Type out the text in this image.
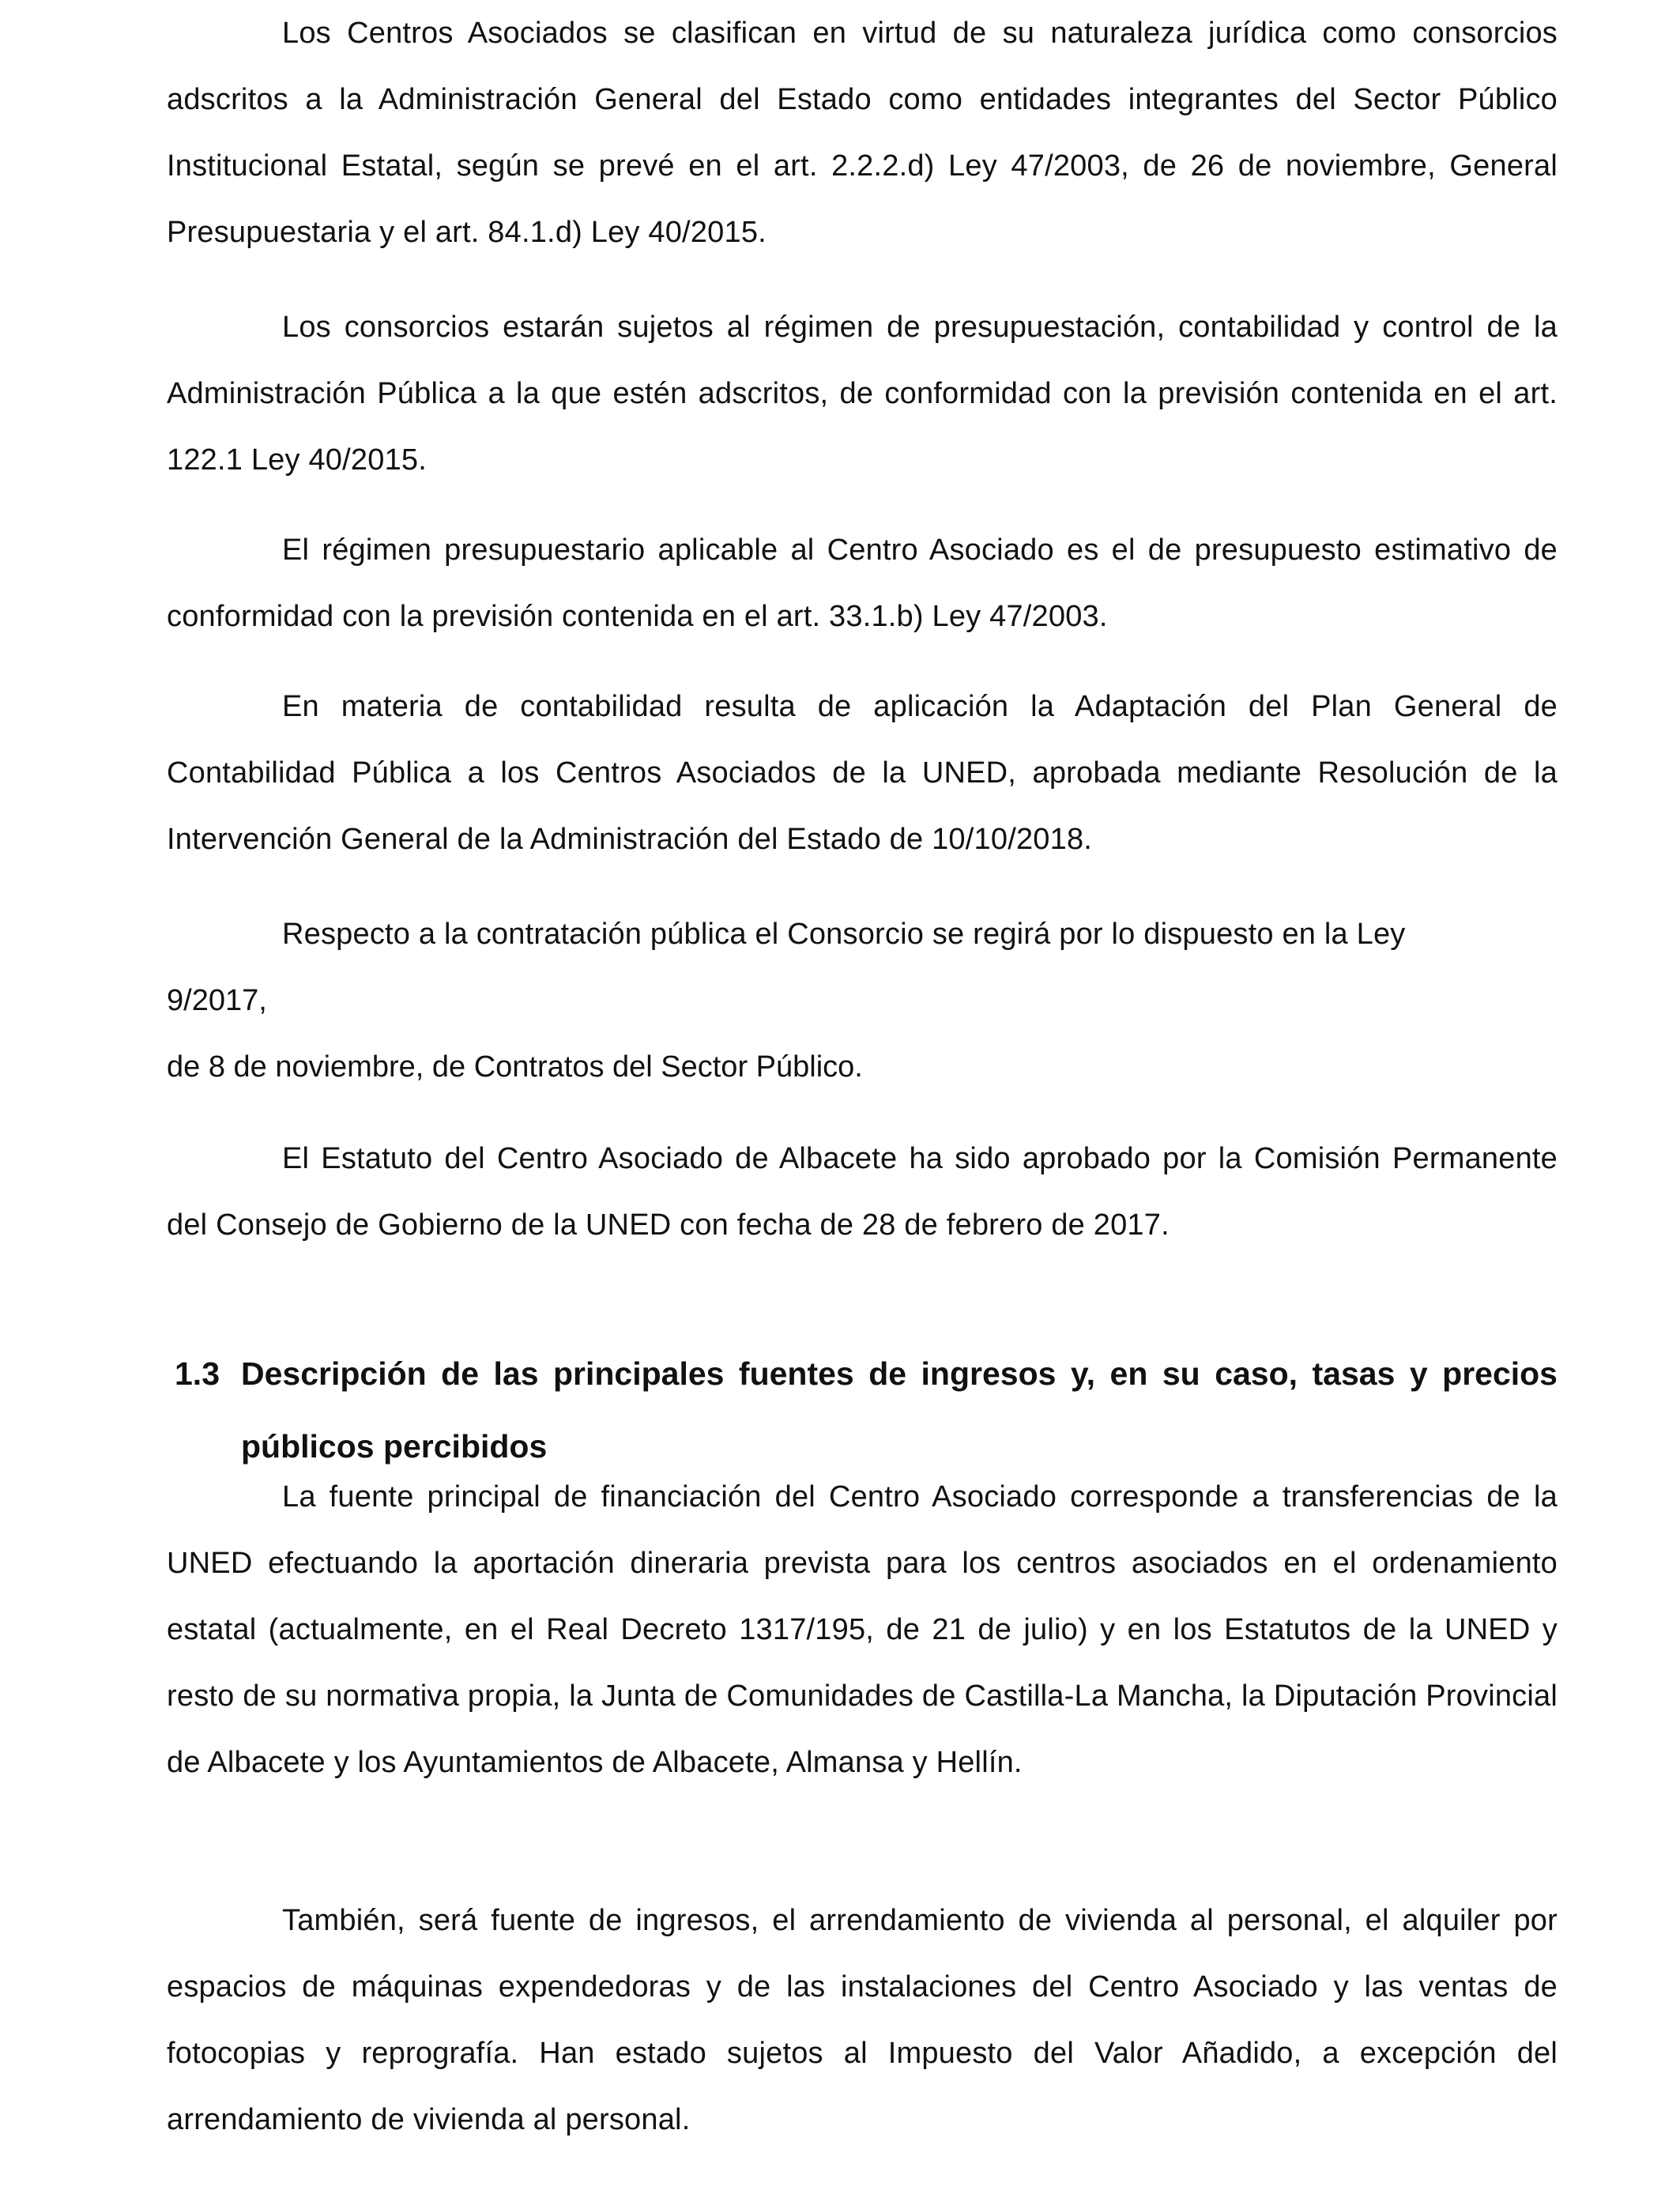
Los Centros Asociados se clasifican en virtud de su naturaleza jurídica como consorcios adscritos a la Administración General del Estado como entidades integrantes del Sector Público Institucional Estatal, según se prevé en el art. 2.2.2.d) Ley 47/2003, de 26 de noviembre, General Presupuestaria y el art. 84.1.d) Ley 40/2015.

Los consorcios estarán sujetos al régimen de presupuestación, contabilidad y control de la Administración Pública a la que estén adscritos, de conformidad con la previsión contenida en el art. 122.1 Ley 40/2015.

El régimen presupuestario aplicable al Centro Asociado es el de presupuesto estimativo de conformidad con la previsión contenida en el art. 33.1.b) Ley 47/2003.

En materia de contabilidad resulta de aplicación la Adaptación del Plan General de Contabilidad Pública a los Centros Asociados de la UNED, aprobada mediante Resolución de la Intervención General de la Administración del Estado de 10/10/2018.

Respecto a la contratación pública el Consorcio se regirá por lo dispuesto en la Ley

9/2017,

de 8 de noviembre, de Contratos del Sector Público.

El Estatuto del Centro Asociado de Albacete ha sido aprobado por la Comisión Permanente del Consejo de Gobierno de la UNED con fecha de 28 de febrero de 2017.

1.3 Descripción de las principales fuentes de ingresos y, en su caso, tasas y precios
públicos percibidos

La fuente principal de financiación del Centro Asociado corresponde a transferencias de la UNED efectuando la aportación dineraria prevista para los centros asociados en el ordenamiento estatal (actualmente, en el Real Decreto 1317/195, de 21 de julio) y en los Estatutos de la UNED y resto de su normativa propia, la Junta de Comunidades de Castilla-La Mancha, la Diputación Provincial de Albacete y los Ayuntamientos de Albacete, Almansa y Hellín.

También, será fuente de ingresos, el arrendamiento de vivienda al personal, el alquiler por espacios de máquinas expendedoras y de las instalaciones del Centro Asociado y las ventas de fotocopias y reprografía. Han estado sujetos al Impuesto del Valor Añadido, a excepción del arrendamiento de vivienda al personal.
